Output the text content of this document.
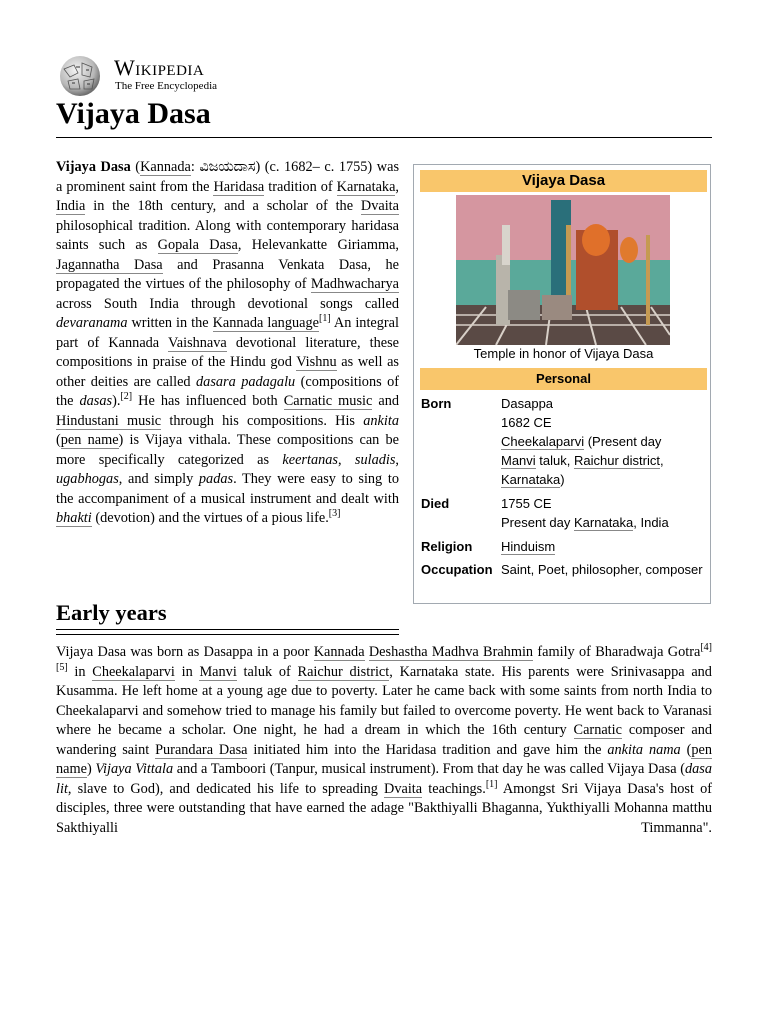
Wikipedia
The Free Encyclopedia
Vijaya Dasa

Vijaya Dasa (Kannada: ವಿಜಯದಾಸ) (c. 1682– c. 1755) was a prominent saint from the Haridasa tradition of Karnataka, India in the 18th century, and a scholar of the Dvaita philosophical tradition. Along with contemporary haridasa saints such as Gopala Dasa, Helevankatte Giriamma, Jagannatha Dasa and Prasanna Venkata Dasa, he propagated the virtues of the philosophy of Madhwacharya across South India through devotional songs called devaranama written in the Kannada language[1] An integral part of Kannada Vaishnava devotional literature, these compositions in praise of the Hindu god Vishnu as well as other deities are called dasara padagalu (compositions of the dasas).[2] He has influenced both Carnatic music and Hindustani music through his compositions. His ankita (pen name) is Vijaya vithala. These compositions can be more specifically categorized as keertanas, suladis, ugabhogas, and simply padas. They were easy to sing to the accompaniment of a musical instrument and dealt with bhakti (devotion) and the virtues of a pious life.[3]

Vijaya Dasa
Temple in honor of Vijaya Dasa
Personal
Born	Dasappa
1682 CE
Cheekalaparvi (Present day
Manvi taluk, Raichur district,
Karnataka)
Died	1755 CE
Present day Karnataka, India
Religion Hinduism
Occupation Saint, Poet, philosopher, composer
Early years

Vijaya Dasa was born as Dasappa in a poor Kannada Deshastha Madhva Brahmin family of Bharadwaja Gotra[4][5] in Cheekalaparvi in Manvi taluk of Raichur district, Karnataka state. His parents were Srinivasappa and Kusamma. He left home at a young age due to poverty. Later he came back with some saints from north India to Cheekalaparvi and somehow tried to manage his family but failed to overcome poverty. He went back to Varanasi where he became a scholar. One night, he had a dream in which the 16th century Carnatic composer and wandering saint Purandara Dasa initiated him into the Haridasa tradition and gave him the ankita nama (pen name) Vijaya Vittala and a Tamboori (Tanpur, musical instrument). From that day he was called Vijaya Dasa (dasa lit, slave to God), and dedicated his life to spreading Dvaita teachings.[1] Amongst Sri Vijaya Dasa's host of disciples, three were outstanding that have earned the adage "Bakthiyalli Bhaganna, Yukthiyalli Mohanna matthu Sakthiyalli Timmanna".
